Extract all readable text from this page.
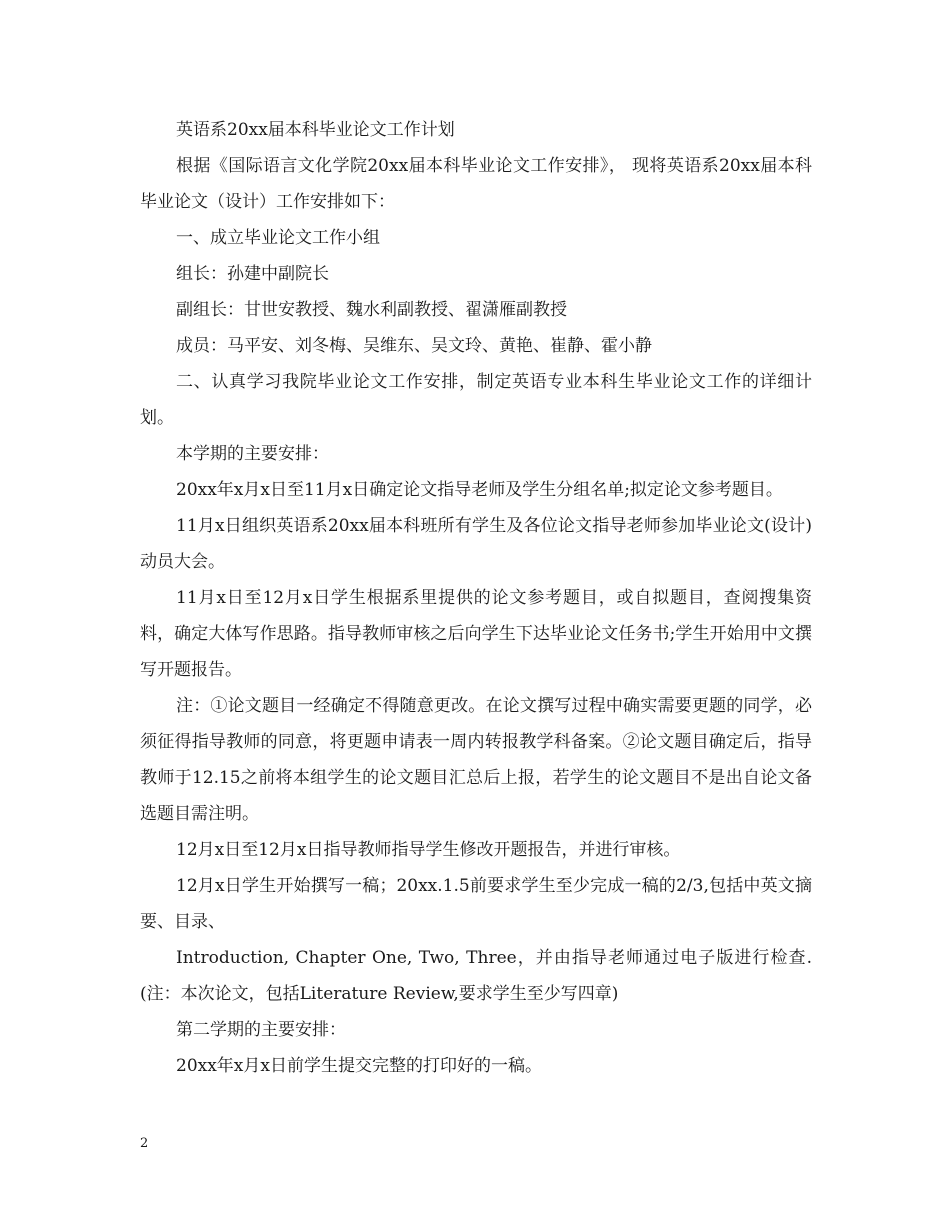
英语系20xx届本科毕业论文工作计划

根据《国际语言文化学院20xx届本科毕业论文工作安排》， 现将英语系20xx届本科毕业论文（设计）工作安排如下：

一、成立毕业论文工作小组

组长：孙建中副院长

副组长：甘世安教授、魏水利副教授、翟潇雁副教授

成员：马平安、刘冬梅、吴维东、吴文玲、黄艳、崔静、霍小静

二、认真学习我院毕业论文工作安排，制定英语专业本科生毕业论文工作的详细计划。

本学期的主要安排：

20xx年x月x日至11月x日确定论文指导老师及学生分组名单;拟定论文参考题目。

11月x日组织英语系20xx届本科班所有学生及各位论文指导老师参加毕业论文(设计)动员大会。

11月x日至12月x日学生根据系里提供的论文参考题目，或自拟题目，查阅搜集资料，确定大体写作思路。指导教师审核之后向学生下达毕业论文任务书;学生开始用中文撰写开题报告。

注：①论文题目一经确定不得随意更改。在论文撰写过程中确实需要更题的同学，必须征得指导教师的同意，将更题申请表一周内转报教学科备案。②论文题目确定后，指导教师于12.15之前将本组学生的论文题目汇总后上报，若学生的论文题目不是出自论文备选题目需注明。

12月x日至12月x日指导教师指导学生修改开题报告，并进行审核。

12月x日学生开始撰写一稿；20xx.1.5前要求学生至少完成一稿的2/3,包括中英文摘要、目录、

Introduction, Chapter One, Two, Three，并由指导老师通过电子版进行检查.(注：本次论文，包括Literature Review,要求学生至少写四章)

第二学期的主要安排：

20xx年x月x日前学生提交完整的打印好的一稿。

2
